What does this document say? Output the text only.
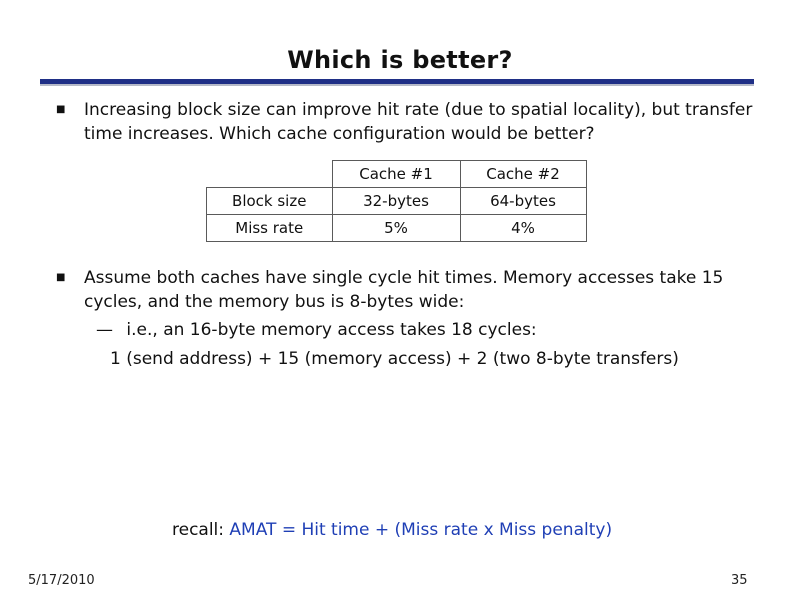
Which is better?
■ Increasing block size can improve hit rate (due to spatial locality), but transfer time increases. Which cache configuration would be better?
	Cache #1	Cache #2
Block size	32-bytes	64-bytes
Miss rate	5%	4%
■ Assume both caches have single cycle hit times. Memory accesses take 15 cycles, and the memory bus is 8-bytes wide:
— i.e., an 16-byte memory access takes 18 cycles:
1 (send address) + 15 (memory access) + 2 (two 8-byte transfers)
recall: AMAT = Hit time + (Miss rate x Miss penalty)
5/17/2010	35
